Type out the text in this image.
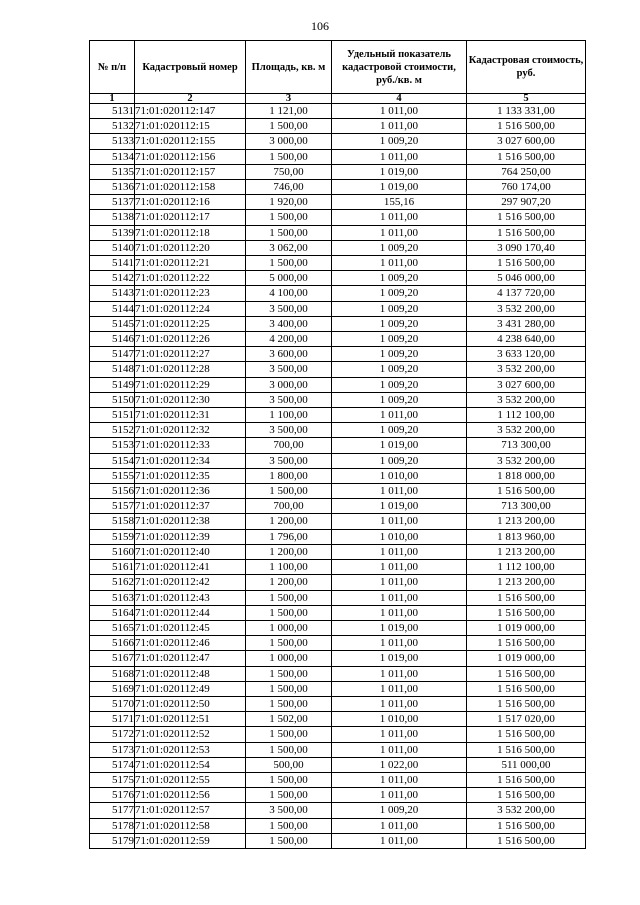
106
№ п/п	Кадастровый номер	Площадь, кв. м	Удельный показатель кадастровой стоимости, руб./кв. м	Кадастровая стоимость, руб.
1	2	3	4	5
5131	71:01:020112:147	1 121,00	1 011,00	1 133 331,00
5132	71:01:020112:15	1 500,00	1 011,00	1 516 500,00
5133	71:01:020112:155	3 000,00	1 009,20	3 027 600,00
5134	71:01:020112:156	1 500,00	1 011,00	1 516 500,00
5135	71:01:020112:157	750,00	1 019,00	764 250,00
5136	71:01:020112:158	746,00	1 019,00	760 174,00
5137	71:01:020112:16	1 920,00	155,16	297 907,20
5138	71:01:020112:17	1 500,00	1 011,00	1 516 500,00
5139	71:01:020112:18	1 500,00	1 011,00	1 516 500,00
5140	71:01:020112:20	3 062,00	1 009,20	3 090 170,40
5141	71:01:020112:21	1 500,00	1 011,00	1 516 500,00
5142	71:01:020112:22	5 000,00	1 009,20	5 046 000,00
5143	71:01:020112:23	4 100,00	1 009,20	4 137 720,00
5144	71:01:020112:24	3 500,00	1 009,20	3 532 200,00
5145	71:01:020112:25	3 400,00	1 009,20	3 431 280,00
5146	71:01:020112:26	4 200,00	1 009,20	4 238 640,00
5147	71:01:020112:27	3 600,00	1 009,20	3 633 120,00
5148	71:01:020112:28	3 500,00	1 009,20	3 532 200,00
5149	71:01:020112:29	3 000,00	1 009,20	3 027 600,00
5150	71:01:020112:30	3 500,00	1 009,20	3 532 200,00
5151	71:01:020112:31	1 100,00	1 011,00	1 112 100,00
5152	71:01:020112:32	3 500,00	1 009,20	3 532 200,00
5153	71:01:020112:33	700,00	1 019,00	713 300,00
5154	71:01:020112:34	3 500,00	1 009,20	3 532 200,00
5155	71:01:020112:35	1 800,00	1 010,00	1 818 000,00
5156	71:01:020112:36	1 500,00	1 011,00	1 516 500,00
5157	71:01:020112:37	700,00	1 019,00	713 300,00
5158	71:01:020112:38	1 200,00	1 011,00	1 213 200,00
5159	71:01:020112:39	1 796,00	1 010,00	1 813 960,00
5160	71:01:020112:40	1 200,00	1 011,00	1 213 200,00
5161	71:01:020112:41	1 100,00	1 011,00	1 112 100,00
5162	71:01:020112:42	1 200,00	1 011,00	1 213 200,00
5163	71:01:020112:43	1 500,00	1 011,00	1 516 500,00
5164	71:01:020112:44	1 500,00	1 011,00	1 516 500,00
5165	71:01:020112:45	1 000,00	1 019,00	1 019 000,00
5166	71:01:020112:46	1 500,00	1 011,00	1 516 500,00
5167	71:01:020112:47	1 000,00	1 019,00	1 019 000,00
5168	71:01:020112:48	1 500,00	1 011,00	1 516 500,00
5169	71:01:020112:49	1 500,00	1 011,00	1 516 500,00
5170	71:01:020112:50	1 500,00	1 011,00	1 516 500,00
5171	71:01:020112:51	1 502,00	1 010,00	1 517 020,00
5172	71:01:020112:52	1 500,00	1 011,00	1 516 500,00
5173	71:01:020112:53	1 500,00	1 011,00	1 516 500,00
5174	71:01:020112:54	500,00	1 022,00	511 000,00
5175	71:01:020112:55	1 500,00	1 011,00	1 516 500,00
5176	71:01:020112:56	1 500,00	1 011,00	1 516 500,00
5177	71:01:020112:57	3 500,00	1 009,20	3 532 200,00
5178	71:01:020112:58	1 500,00	1 011,00	1 516 500,00
5179	71:01:020112:59	1 500,00	1 011,00	1 516 500,00
